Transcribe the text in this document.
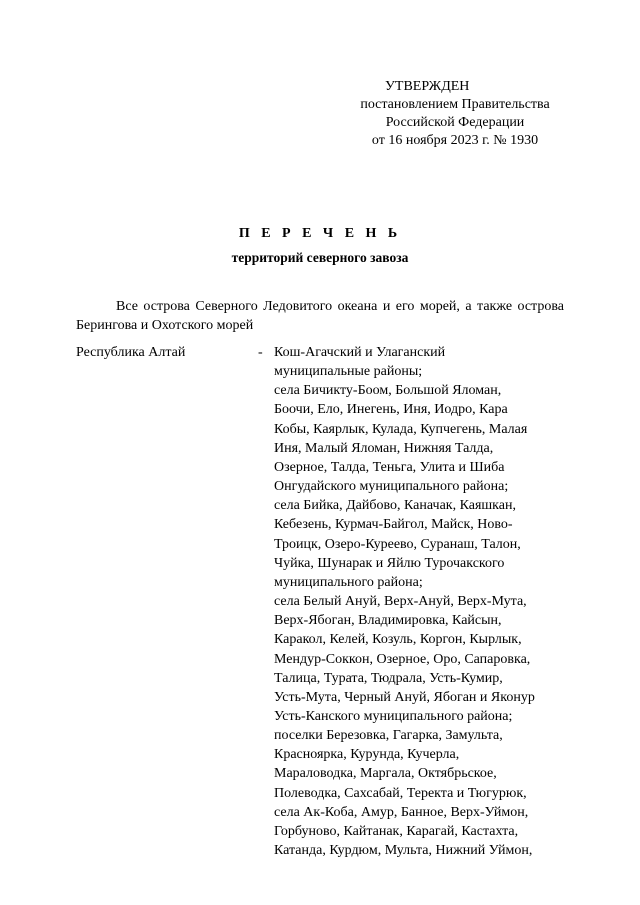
УТВЕРЖДЕН
постановлением Правительства
Российской Федерации
от 16 ноября 2023 г. № 1930
П Е Р Е Ч Е Н Ь
территорий северного завоза
Все острова Северного Ледовитого океана и его морей, а также острова Берингова и Охотского морей
Республика Алтай	- Кош-Агачский и Улаганский
муниципальные районы;
села Бичикту-Боом, Большой Яломан,
Боочи, Ело, Инегень, Иня, Иодро, Кара
Кобы, Каярлык, Кулада, Купчегень, Малая
Иня, Малый Яломан, Нижняя Талда,
Озерное, Талда, Теньга, Улита и Шиба
Онгудайского муниципального района;
села Бийка, Дайбово, Каначак, Каяшкан,
Кебезень, Курмач-Байгол, Майск, Ново-
Троицк, Озеро-Куреево, Суранаш, Талон,
Чуйка, Шунарак и Яйлю Турочакского
муниципального района;
села Белый Ануй, Верх-Ануй, Верх-Мута,
Верх-Ябоган, Владимировка, Кайсын,
Каракол, Келей, Козуль, Коргон, Кырлык,
Мендур-Соккон, Озерное, Оро, Сапаровка,
Талица, Турата, Тюдрала, Усть-Кумир,
Усть-Мута, Черный Ануй, Ябоган и Яконур
Усть-Канского муниципального района;
поселки Березовка, Гагарка, Замульта,
Красноярка, Курунда, Кучерла,
Мараловодка, Маргала, Октябрьское,
Полеводка, Сахсабай, Теректа и Тюгурюк,
села Ак-Коба, Амур, Банное, Верх-Уймон,
Горбуново, Кайтанак, Карагай, Кастахта,
Катанда, Курдюм, Мульта, Нижний Уймон,
